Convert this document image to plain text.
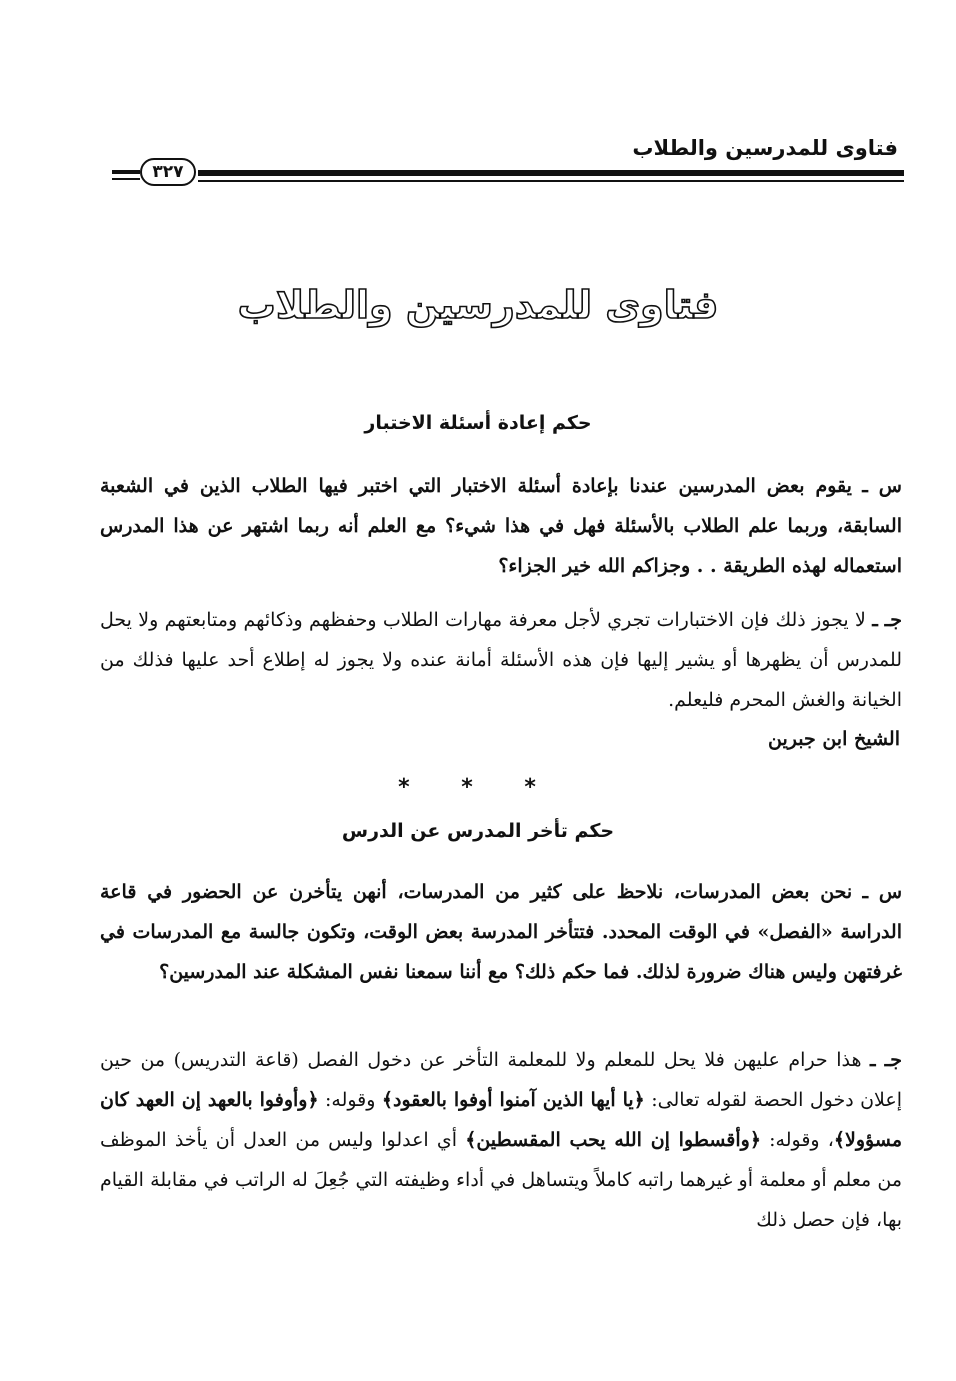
فتاوى للمدرسين والطلاب
٣٢٧
فتاوى للمدرسين والطلاب
حكم إعادة أسئلة الاختبار
س ـ يقوم بعض المدرسين عندنا بإعادة أسئلة الاختبار التي اختبر فيها الطلاب الذين في الشعبة السابقة، وربما علم الطلاب بالأسئلة فهل في هذا شيء؟ مع العلم أنه ربما اشتهر عن هذا المدرس استعماله لهذه الطريقة . . وجزاكم الله خير الجزاء؟
جـ ـ لا يجوز ذلك فإن الاختبارات تجري لأجل معرفة مهارات الطلاب وحفظهم وذكائهم ومتابعتهم ولا يحل للمدرس أن يظهرها أو يشير إليها فإن هذه الأسئلة أمانة عنده ولا يجوز له إطلاع أحد عليها فذلك من الخيانة والغش المحرم فليعلم.
الشيخ ابن جبرين
* * *
حكم تأخر المدرس عن الدرس
س ـ نحن بعض المدرسات، نلاحظ على كثير من المدرسات، أنهن يتأخرن عن الحضور في قاعة الدراسة «الفصل» في الوقت المحدد. فتتأخر المدرسة بعض الوقت، وتكون جالسة مع المدرسات في غرفتهن وليس هناك ضرورة لذلك. فما حكم ذلك؟ مع أننا سمعنا نفس المشكلة عند المدرسين؟
جـ ـ هذا حرام عليهن فلا يحل للمعلم ولا للمعلمة التأخر عن دخول الفصل (قاعة التدريس) من حين إعلان دخول الحصة لقوله تعالى: ﴿يا أيها الذين آمنوا أوفوا بالعقود﴾ وقوله: ﴿وأوفوا بالعهد إن العهد كان مسؤولا﴾، وقوله: ﴿وأقسطوا إن الله يحب المقسطين﴾ أي اعدلوا وليس من العدل أن يأخذ الموظف من معلم أو معلمة أو غيرهما راتبه كاملاً ويتساهل في أداء وظيفته التي جُعِلَ له الراتب في مقابلة القيام بها، فإن حصل ذلك
